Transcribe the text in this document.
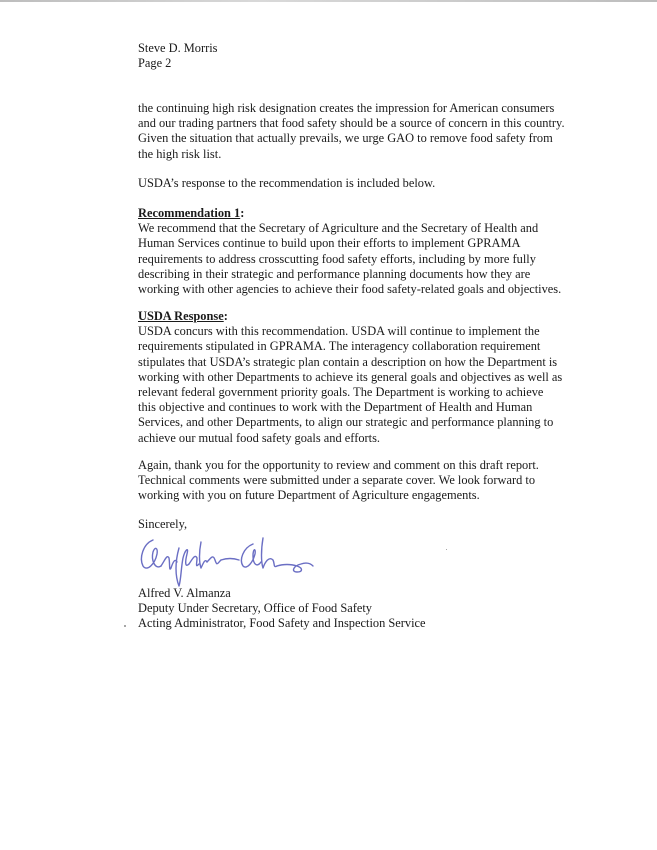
Steve D. Morris
Page 2

the continuing high risk designation creates the impression for American consumers

and our trading partners that food safety should be a source of concern in this country.

Given the situation that actually prevails, we urge GAO to remove food safety from

the high risk list.

USDA’s response to the recommendation is included below.

Recommendation 1:

We recommend that the Secretary of Agriculture and the Secretary of Health and

Human Services continue to build upon their efforts to implement GPRAMA

requirements to address crosscutting food safety efforts, including by more fully

describing in their strategic and performance planning documents how they are

working with other agencies to achieve their food safety-related goals and objectives.

USDA Response:

USDA concurs with this recommendation. USDA will continue to implement the

requirements stipulated in GPRAMA. The interagency collaboration requirement

stipulates that USDA’s strategic plan contain a description on how the Department is

working with other Departments to achieve its general goals and objectives as well as

relevant federal government priority goals. The Department is working to achieve

this objective and continues to work with the Department of Health and Human

Services, and other Departments, to align our strategic and performance planning to

achieve our mutual food safety goals and efforts.

Again, thank you for the opportunity to review and comment on this draft report.

Technical comments were submitted under a separate cover. We look forward to

working with you on future Department of Agriculture engagements.

Sincerely,
Alfred V. Almanza
Deputy Under Secretary, Office of Food Safety
Acting Administrator, Food Safety and Inspection Service
